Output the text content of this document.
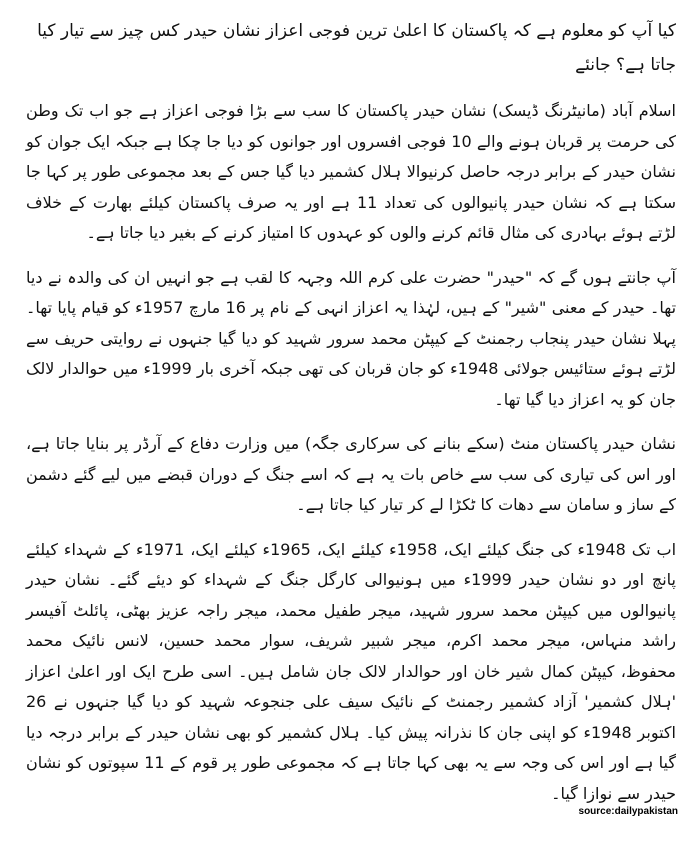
کیا آپ کو معلوم ہے کہ پاکستان کا اعلیٰ ترین فوجی اعزاز نشان حیدر کس چیز سے تیار کیا جاتا ہے؟ جانئے

اسلام آباد (مانیٹرنگ ڈیسک) نشان حیدر پاکستان کا سب سے بڑا فوجی اعزاز ہے جو اب تک وطن کی حرمت پر قربان ہونے والے 10 فوجی افسروں اور جوانوں کو دیا جا چکا ہے جبکہ ایک جوان کو نشان حیدر کے برابر درجہ حاصل کرنیوالا ہلال کشمیر دیا گیا جس کے بعد مجموعی طور پر کہا جا سکتا ہے کہ نشان حیدر پانیوالوں کی تعداد 11 ہے اور یہ صرف پاکستان کیلئے بھارت کے خلاف لڑتے ہوئے بہادری کی مثال قائم کرنے والوں کو عہدوں کا امتیاز کرنے کے بغیر دیا جاتا ہے۔

آپ جانتے ہوں گے کہ "حیدر" حضرت علی کرم اللہ وجہہ کا لقب ہے جو انہیں ان کی والدہ نے دیا تھا۔ حیدر کے معنی "شیر" کے ہیں، لہٰذا یہ اعزاز انہی کے نام پر 16 مارچ 1957ء کو قیام پایا تھا۔ پہلا نشان حیدر پنجاب رجمنٹ کے کیپٹن محمد سرور شہید کو دیا گیا جنہوں نے روایتی حریف سے لڑتے ہوئے ستائیس جولائی 1948ء کو جان قربان کی تھی جبکہ آخری بار 1999ء میں حوالدار لالک جان کو یہ اعزاز دیا گیا تھا۔

نشان حیدر پاکستان منٹ (سکے بنانے کی سرکاری جگہ) میں وزارت دفاع کے آرڈر پر بنایا جاتا ہے، اور اس کی تیاری کی سب سے خاص بات یہ ہے کہ اسے جنگ کے دوران قبضے میں لیے گئے دشمن کے ساز و سامان سے دھات کا ٹکڑا لے کر تیار کیا جاتا ہے۔

اب تک 1948ء کی جنگ کیلئے ایک، 1958ء کیلئے ایک، 1965ء کیلئے ایک، 1971ء کے شہداء کیلئے پانچ اور دو نشان حیدر 1999ء میں ہونیوالی کارگل جنگ کے شہداء کو دیئے گئے۔ نشان حیدر پانیوالوں میں کیپٹن محمد سرور شہید، میجر طفیل محمد، میجر راجہ عزیز بھٹی، پائلٹ آفیسر راشد منہاس، میجر محمد اکرم، میجر شبیر شریف، سوار محمد حسین، لانس نائیک محمد محفوظ، کیپٹن کمال شیر خان اور حوالدار لالک جان شامل ہیں۔ اسی طرح ایک اور اعلیٰ اعزاز 'ہلال کشمیر' آزاد کشمیر رجمنٹ کے نائیک سیف علی جنجوعہ شہید کو دیا گیا جنہوں نے 26 اکتوبر 1948ء کو اپنی جان کا نذرانہ پیش کیا۔ ہلال کشمیر کو بھی نشان حیدر کے برابر درجہ دیا گیا ہے اور اس کی وجہ سے یہ بھی کہا جاتا ہے کہ مجموعی طور پر قوم کے 11 سپوتوں کو نشان حیدر سے نوازا گیا۔

source:dailypakistan
